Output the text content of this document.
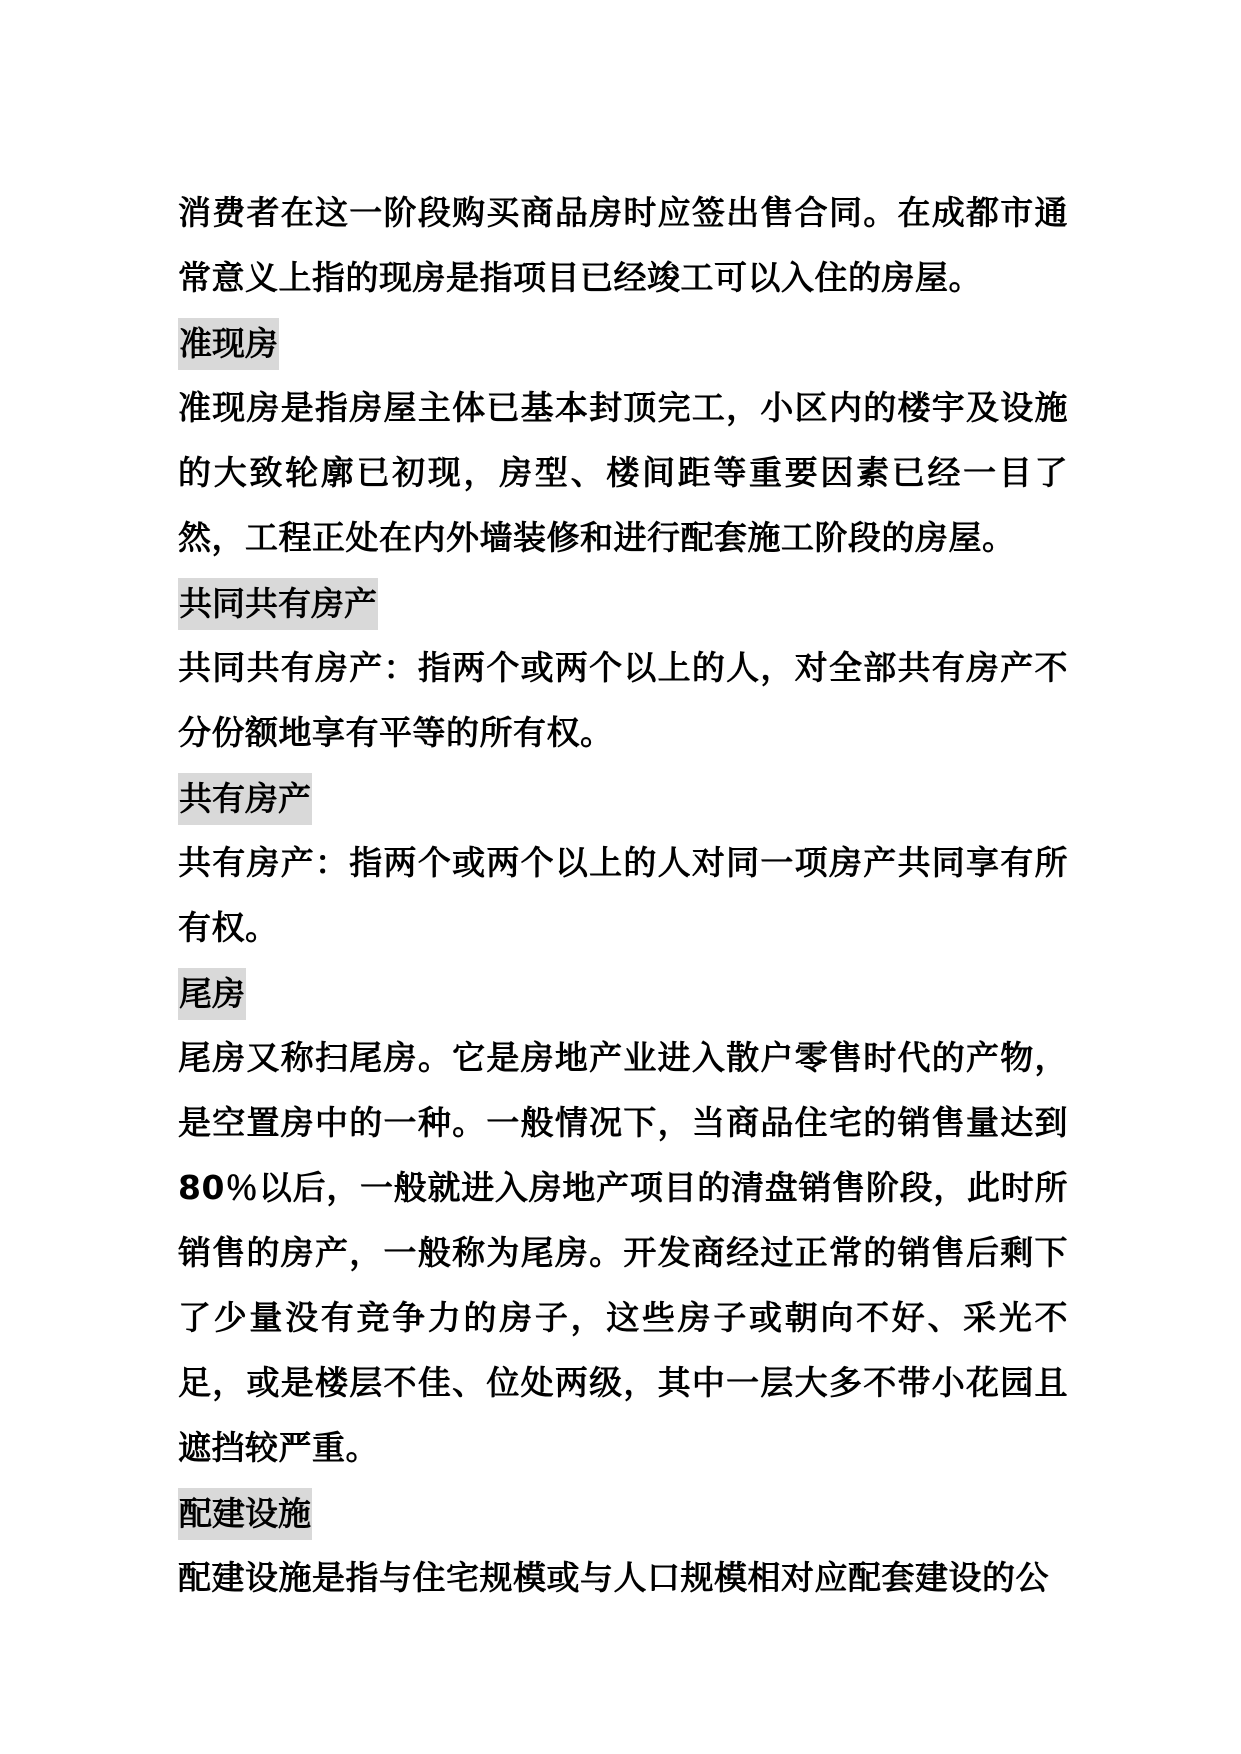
消费者在这一阶段购买商品房时应签出售合同。在成都市通常意义上指的现房是指项目已经竣工可以入住的房屋。

准现房

准现房是指房屋主体已基本封顶完工，小区内的楼宇及设施的大致轮廓已初现，房型、楼间距等重要因素已经一目了然，工程正处在内外墙装修和进行配套施工阶段的房屋。

共同共有房产

共同共有房产：指两个或两个以上的人，对全部共有房产不分份额地享有平等的所有权。

共有房产

共有房产：指两个或两个以上的人对同一项房产共同享有所有权。

尾房

尾房又称扫尾房。它是房地产业进入散户零售时代的产物，是空置房中的一种。一般情况下，当商品住宅的销售量达到 80％以后，一般就进入房地产项目的清盘销售阶段，此时所销售的房产，一般称为尾房。开发商经过正常的销售后剩下了少量没有竞争力的房子，这些房子或朝向不好、采光不足，或是楼层不佳、位处两级，其中一层大多不带小花园且遮挡较严重。

配建设施

配建设施是指与住宅规模或与人口规模相对应配套建设的公
